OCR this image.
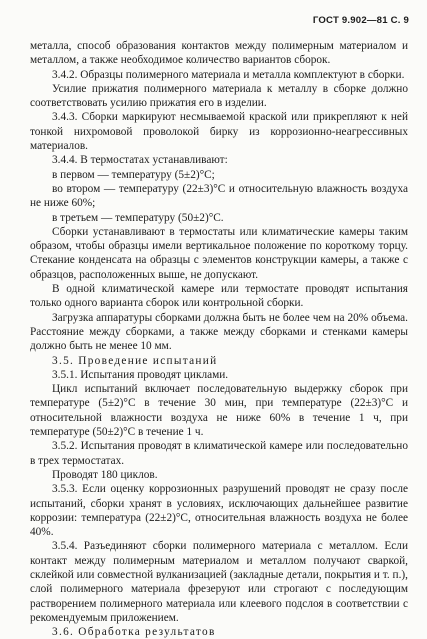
ГОСТ 9.902—81 С. 9

металла, способ образования контактов между полимерным материалом и металлом, а также необходимое количество вариантов сборок.

3.4.2. Образцы полимерного материала и металла комплектуют в сборки.

Усилие прижатия полимерного материала к металлу в сборке должно соответствовать усилию прижатия его в изделии.

3.4.3. Сборки маркируют несмываемой краской или прикрепляют к ней тонкой нихромовой проволокой бирку из коррозионно-неагрессивных материалов.

3.4.4. В термостатах устанавливают:

в первом — температуру (5±2)°С;

во втором — температуру (22±3)°С и относительную влажность воздуха не ниже 60%;

в третьем — температуру (50±2)°С.

Сборки устанавливают в термостаты или климатические камеры таким образом, чтобы образцы имели вертикальное положение по короткому торцу. Стекание конденсата на образцы с элементов конструкции камеры, а также с образцов, расположенных выше, не допускают.

В одной климатической камере или термостате проводят испытания только одного варианта сборок или контрольной сборки.

Загрузка аппаратуры сборками должна быть не более чем на 20% объема. Расстояние между сборками, а также между сборками и стенками камеры должно быть не менее 10 мм.

3.5. Проведение испытаний

3.5.1. Испытания проводят циклами.

Цикл испытаний включает последовательную выдержку сборок при температуре (5±2)°С в течение 30 мин, при температуре (22±3)°С и относительной влажности воздуха не ниже 60% в течение 1 ч, при температуре (50±2)°С в течение 1 ч.

3.5.2. Испытания проводят в климатической камере или последовательно в трех термостатах.

Проводят 180 циклов.

3.5.3. Если оценку коррозионных разрушений проводят не сразу после испытаний, сборки хранят в условиях, исключающих дальнейшее развитие коррозии: температура (22±2)°С, относительная влажность воздуха не более 40%.

3.5.4. Разъединяют сборки полимерного материала с металлом. Если контакт между полимерным материалом и металлом получают сваркой, склейкой или совместной вулканизацией (закладные детали, покрытия и т. п.), слой полимерного материала фрезеруют или строгают с последующим растворением полимерного материала или клеевого подслоя в соответствии с рекомендуемым приложением.

3.6. Обработка результатов
